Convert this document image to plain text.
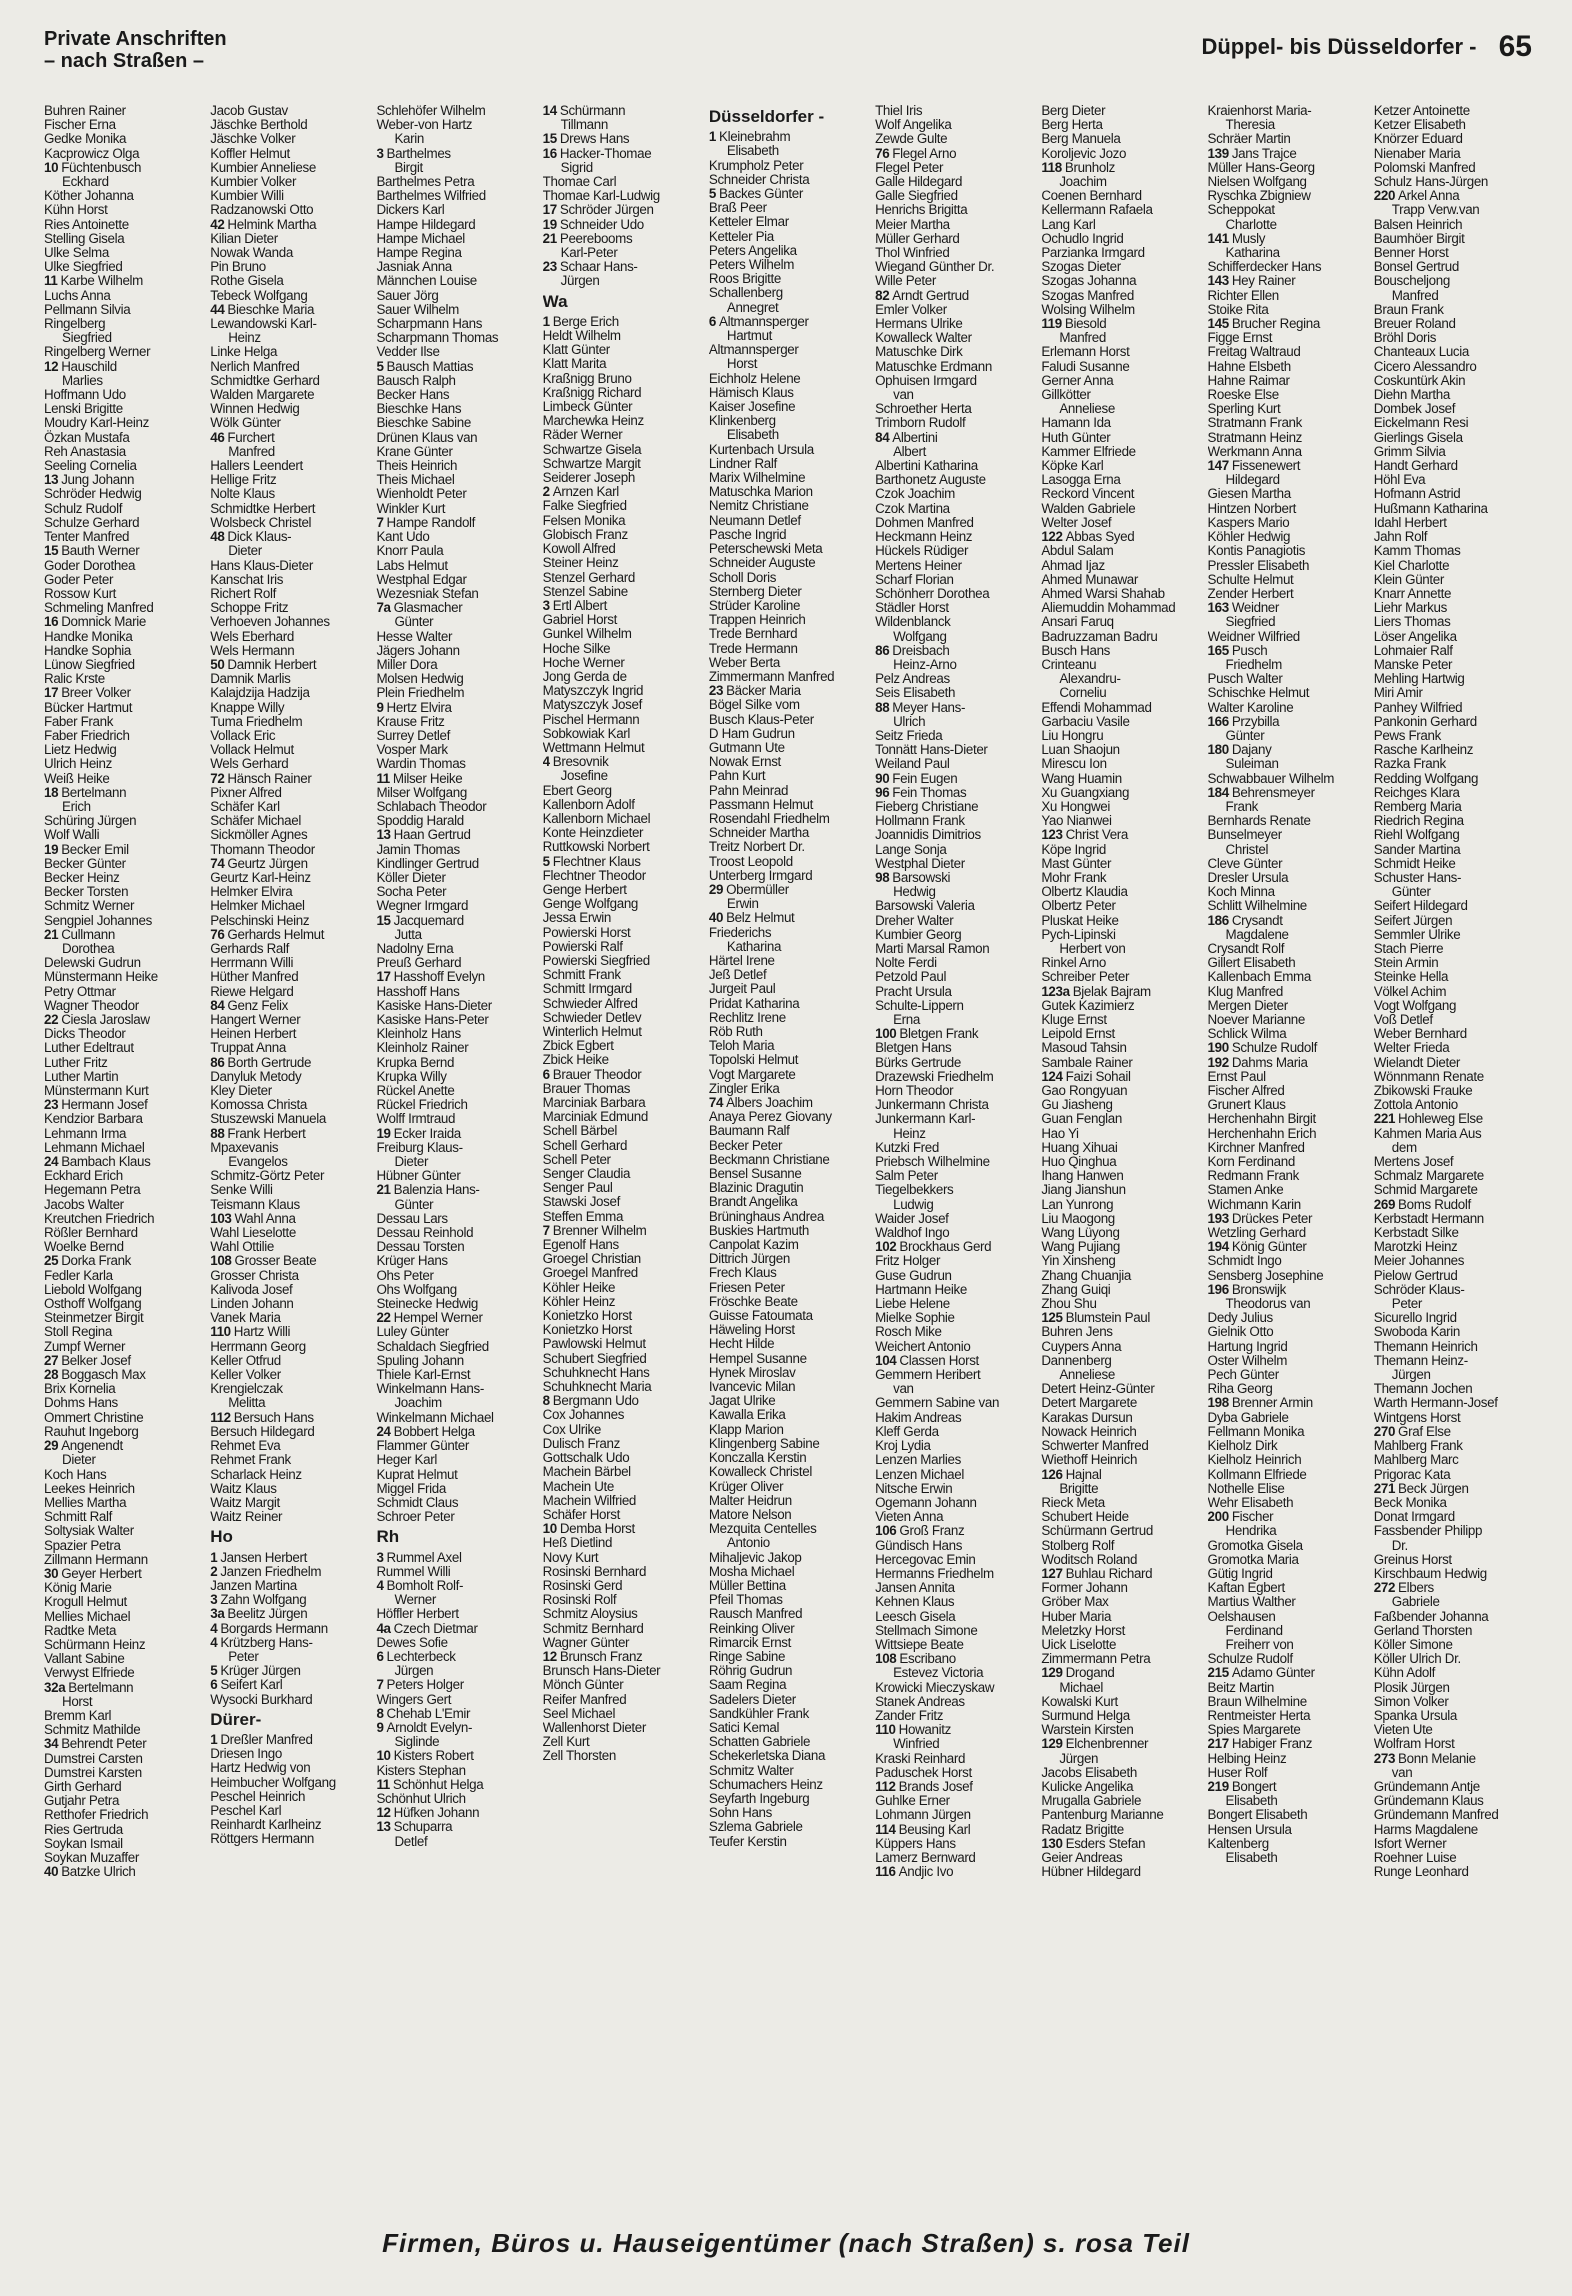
Private Anschriften
– nach Straßen –
Düppel- bis Düsseldorfer - 65
Buhren Rainer
Fischer Erna
Gedke Monika
Kacprowicz Olga
10 Füchtenbusch
Eckhard
Köther Johanna
Kühn Horst
Ries Antoinette
Stelling Gisela
Ulke Selma
Ulke Siegfried
11 Karbe Wilhelm
Luchs Anna
Pellmann Silvia
Ringelberg
Siegfried
Ringelberg Werner
12 Hauschild
Marlies
Hoffmann Udo
Lenski Brigitte
Moudry Karl-Heinz
Özkan Mustafa
Reh Anastasia
Seeling Cornelia
13 Jung Johann
Schröder Hedwig
Schulz Rudolf
Schulze Gerhard
Tenter Manfred
15 Bauth Werner
Goder Dorothea
Goder Peter
Rossow Kurt
Schmeling Manfred
16 Domnick Marie
Handke Monika
Handke Sophia
Lünow Siegfried
Ralic Krste
17 Breer Volker
Bücker Hartmut
Faber Frank
Faber Friedrich
Lietz Hedwig
Ulrich Heinz
Weiß Heike
18 Bertelmann
Erich
Schüring Jürgen
Wolf Walli
19 Becker Emil
Becker Günter
Becker Heinz
Becker Torsten
Schmitz Werner
Sengpiel Johannes
21 Cullmann
Dorothea
Delewski Gudrun
Münstermann Heike
Petry Ottmar
Wagner Theodor
22 Ciesla Jaroslaw
Dicks Theodor
Luther Edeltraut
Luther Fritz
Luther Martin
Münstermann Kurt
23 Hermann Josef
Kendzior Barbara
Lehmann Irma
Lehmann Michael
24 Bambach Klaus
Eckhard Erich
Hegemann Petra
Jacobs Walter
Kreutchen Friedrich
Rößler Bernhard
Woelke Bernd
25 Dorka Frank
Fedler Karla
Liebold Wolfgang
Osthoff Wolfgang
Steinmetzer Birgit
Stoll Regina
Zumpf Werner
27 Belker Josef
28 Boggasch Max
Brix Kornelia
Dohms Hans
Ommert Christine
Rauhut Ingeborg
29 Angenendt
Dieter
Koch Hans
Leekes Heinrich
Mellies Martha
Schmitt Ralf
Soltysiak Walter
Spazier Petra
Zillmann Hermann
30 Geyer Herbert
König Marie
Krogull Helmut
Mellies Michael
Radtke Meta
Schürmann Heinz
Vallant Sabine
Verwyst Elfriede
32a Bertelmann
Horst
Bremm Karl
Schmitz Mathilde
34 Behrendt Peter
Dumstrei Carsten
Dumstrei Karsten
Girth Gerhard
Gutjahr Petra
Retthofer Friedrich
Ries Gertruda
Soykan Ismail
Soykan Muzaffer
40 Batzke Ulrich
Jacob Gustav
Jäschke Berthold
Jäschke Volker
Koffler Helmut
Kumbier Anneliese
Kumbier Volker
Kumbier Willi
Radzanowski Otto
42 Helmink Martha
Kilian Dieter
Nowak Wanda
Pin Bruno
Rothe Gisela
Tebeck Wolfgang
44 Bieschke Maria
Lewandowski Karl-
Heinz
Linke Helga
Nerlich Manfred
Schmidtke Gerhard
Walden Margarete
Winnen Hedwig
Wölk Günter
46 Furchert
Manfred
Hallers Leendert
Hellige Fritz
Nolte Klaus
Schmidtke Herbert
Wolsbeck Christel
48 Dick Klaus-
Dieter
Hans Klaus-Dieter
Kanschat Iris
Richert Rolf
Schoppe Fritz
Verhoeven Johannes
Wels Eberhard
Wels Hermann
50 Damnik Herbert
Damnik Marlis
Kalajdzija Hadzija
Knappe Willy
Tuma Friedhelm
Vollack Eric
Vollack Helmut
Wels Gerhard
72 Hänsch Rainer
Pixner Alfred
Schäfer Karl
Schäfer Michael
Sickmöller Agnes
Thomann Theodor
74 Geurtz Jürgen
Geurtz Karl-Heinz
Helmker Elvira
Helmker Michael
Pelschinski Heinz
76 Gerhards Helmut
Gerhards Ralf
Herrmann Willi
Hüther Manfred
Riewe Helgard
84 Genz Felix
Hangert Werner
Heinen Herbert
Truppat Anna
86 Borth Gertrude
Danyluk Metody
Kley Dieter
Komossa Christa
Stuszewski Manuela
88 Frank Herbert
Mpaxevanis
Evangelos
Schmitz-Görtz Peter
Senke Willi
Teismann Klaus
103 Wahl Anna
Wahl Lieselotte
Wahl Ottilie
108 Grosser Beate
Grosser Christa
Kalivoda Josef
Linden Johann
Vanek Maria
110 Hartz Willi
Herrmann Georg
Keller Otfrud
Keller Volker
Krengielczak
Melitta
112 Bersuch Hans
Bersuch Hildegard
Rehmet Eva
Rehmet Frank
Scharlack Heinz
Waitz Klaus
Waitz Margit
Waitz Reiner
Ho
1 Jansen Herbert
2 Janzen Friedhelm
Janzen Martina
3 Zahn Wolfgang
3a Beelitz Jürgen
4 Borgards Hermann
4 Krützberg Hans-
Peter
5 Krüger Jürgen
6 Seifert Karl
Wysocki Burkhard
Dürer-
1 Dreßler Manfred
Driesen Ingo
Hartz Hedwig von
Heimbucher Wolfgang
Peschel Heinrich
Peschel Karl
Reinhardt Karlheinz
Röttgers Hermann
Schlehöfer Wilhelm
Weber-von Hartz
Karin
3 Barthelmes
Birgit
Barthelmes Petra
Barthelmes Wilfried
Dickers Karl
Hampe Hildegard
Hampe Michael
Hampe Regina
Jasniak Anna
Männchen Louise
Sauer Jörg
Sauer Wilhelm
Scharpmann Hans
Scharpmann Thomas
Vedder Ilse
5 Bausch Mattias
Bausch Ralph
Becker Hans
Bieschke Hans
Bieschke Sabine
Drünen Klaus van
Krane Günter
Theis Heinrich
Theis Michael
Wienholdt Peter
Winkler Kurt
7 Hampe Randolf
Kant Udo
Knorr Paula
Labs Helmut
Westphal Edgar
Wezesniak Stefan
7a Glasmacher
Günter
Hesse Walter
Jägers Johann
Miller Dora
Molsen Hedwig
Plein Friedhelm
9 Hertz Elvira
Krause Fritz
Surrey Detlef
Vosper Mark
Wardin Thomas
11 Milser Heike
Milser Wolfgang
Schlabach Theodor
Spoddig Harald
13 Haan Gertrud
Jamin Thomas
Kindlinger Gertrud
Köller Dieter
Socha Peter
Wegner Irmgard
15 Jacquemard
Jutta
Nadolny Erna
Preuß Gerhard
17 Hasshoff Evelyn
Hasshoff Hans
Kasiske Hans-Dieter
Kasiske Hans-Peter
Kleinholz Hans
Kleinholz Rainer
Krupka Bernd
Krupka Willy
Rückel Anette
Rückel Friedrich
Wolff Irmtraud
19 Ecker Iraida
Freiburg Klaus-
Dieter
Hübner Günter
21 Balenzia Hans-
Günter
Dessau Lars
Dessau Reinhold
Dessau Torsten
Krüger Hans
Ohs Peter
Ohs Wolfgang
Steinecke Hedwig
22 Hempel Werner
Luley Günter
Schaldach Siegfried
Spuling Johann
Thiele Karl-Ernst
Winkelmann Hans-
Joachim
Winkelmann Michael
24 Bobbert Helga
Flammer Günter
Heger Karl
Kuprat Helmut
Miggel Frida
Schmidt Claus
Schroer Peter
Rh
3 Rummel Axel
Rummel Willi
4 Bomholt Rolf-
Werner
Höffler Herbert
4a Czech Dietmar
Dewes Sofie
6 Lechterbeck
Jürgen
7 Peters Holger
Wingers Gert
8 Chehab L'Emir
9 Arnoldt Evelyn-
Siglinde
10 Kisters Robert
Kisters Stephan
11 Schönhut Helga
Schönhut Ulrich
12 Hüfken Johann
13 Schuparra
Detlef
14 Schürmann
Tillmann
15 Drews Hans
16 Hacker-Thomae
Sigrid
Thomae Carl
Thomae Karl-Ludwig
17 Schröder Jürgen
19 Schneider Udo
21 Peerebooms
Karl-Peter
23 Schaar Hans-
Jürgen
Wa
1 Berge Erich
Heldt Wilhelm
Klatt Günter
Klatt Marita
Kraßnigg Bruno
Kraßnigg Richard
Limbeck Günter
Marchewka Heinz
Räder Werner
Schwartze Gisela
Schwartze Margit
Seiderer Joseph
2 Arnzen Karl
Falke Siegfried
Felsen Monika
Globisch Franz
Kowoll Alfred
Steiner Heinz
Stenzel Gerhard
Stenzel Sabine
3 Ertl Albert
Gabriel Horst
Gunkel Wilhelm
Hoche Silke
Hoche Werner
Jong Gerda de
Matyszczyk Ingrid
Matyszczyk Josef
Pischel Hermann
Sobkowiak Karl
Wettmann Helmut
4 Bresovnik
Josefine
Ebert Georg
Kallenborn Adolf
Kallenborn Michael
Konte Heinzdieter
Ruttkowski Norbert
5 Flechtner Klaus
Flechtner Theodor
Genge Herbert
Genge Wolfgang
Jessa Erwin
Powierski Horst
Powierski Ralf
Powierski Siegfried
Schmitt Frank
Schmitt Irmgard
Schwieder Alfred
Schwieder Detlev
Winterlich Helmut
Zbick Egbert
Zbick Heike
6 Brauer Theodor
Brauer Thomas
Marciniak Barbara
Marciniak Edmund
Schell Bärbel
Schell Gerhard
Schell Peter
Senger Claudia
Senger Paul
Stawski Josef
Steffen Emma
7 Brenner Wilhelm
Egenolf Hans
Groegel Christian
Groegel Manfred
Köhler Heike
Köhler Heinz
Konietzko Horst
Konietzko Horst
Pawlowski Helmut
Schubert Siegfried
Schuhknecht Hans
Schuhknecht Maria
8 Bergmann Udo
Cox Johannes
Cox Ulrike
Dulisch Franz
Gottschalk Udo
Machein Bärbel
Machein Ute
Machein Wilfried
Schäfer Horst
10 Demba Horst
Heß Dietlind
Novy Kurt
Rosinski Bernhard
Rosinski Gerd
Rosinski Rolf
Schmitz Aloysius
Schmitz Bernhard
Wagner Günter
12 Brunsch Franz
Brunsch Hans-Dieter
Mönch Günter
Reifer Manfred
Seel Michael
Wallenhorst Dieter
Zell Kurt
Zell Thorsten
Düsseldorfer -
1 Kleinebrahm
Elisabeth
Krumpholz Peter
Schneider Christa
5 Backes Günter
Braß Peer
Ketteler Elmar
Ketteler Pia
Peters Angelika
Peters Wilhelm
Roos Brigitte
Schallenberg
Annegret
6 Altmannsperger
Hartmut
Altmannsperger
Horst
Eichholz Helene
Hämisch Klaus
Kaiser Josefine
Klinkenberg
Elisabeth
Kurtenbach Ursula
Lindner Ralf
Marix Wilhelmine
Matuschka Marion
Nemitz Christiane
Neumann Detlef
Pasche Ingrid
Peterschewski Meta
Schneider Auguste
Scholl Doris
Sternberg Dieter
Strüder Karoline
Trappen Heinrich
Trede Bernhard
Trede Hermann
Weber Berta
Zimmermann Manfred
23 Bäcker Maria
Bögel Silke vom
Busch Klaus-Peter
D Ham Gudrun
Gutmann Ute
Nowak Ernst
Pahn Kurt
Pahn Meinrad
Passmann Helmut
Rosendahl Friedhelm
Schneider Martha
Treitz Norbert Dr.
Troost Leopold
Unterberg Irmgard
29 Obermüller
Erwin
40 Belz Helmut
Friederichs
Katharina
Härtel Irene
Jeß Detlef
Jurgeit Paul
Pridat Katharina
Rechlitz Irene
Röb Ruth
Teloh Maria
Topolski Helmut
Vogt Margarete
Zingler Erika
74 Albers Joachim
Anaya Perez Giovany
Baumann Ralf
Becker Peter
Beckmann Christiane
Bensel Susanne
Blazinic Dragutin
Brandt Angelika
Brüninghaus Andrea
Buskies Hartmuth
Canpolat Kazim
Dittrich Jürgen
Frech Klaus
Friesen Peter
Fröschke Beate
Guisse Fatoumata
Häweling Horst
Hecht Hilde
Hempel Susanne
Hynek Miroslav
Ivancevic Milan
Jagat Ulrike
Kawalla Erika
Klapp Marion
Klingenberg Sabine
Konczalla Kerstin
Kowalleck Christel
Krüger Oliver
Malter Heidrun
Matore Nelson
Mezquita Centelles
Antonio
Mihaljevic Jakop
Mosha Michael
Müller Bettina
Pfeil Thomas
Rausch Manfred
Reinking Oliver
Rimarcik Ernst
Ringe Sabine
Röhrig Gudrun
Saam Regina
Sadelers Dieter
Sandkühler Frank
Satici Kemal
Schatten Gabriele
Schekerletska Diana
Schmitz Walter
Schumachers Heinz
Seyfarth Ingeburg
Sohn Hans
Szlema Gabriele
Teufer Kerstin
Thiel Iris
Wolf Angelika
Zewde Gulte
76 Flegel Arno
Flegel Peter
Galle Hildegard
Galle Siegfried
Henrichs Brigitta
Meier Martha
Müller Gerhard
Thol Winfried
Wiegand Günther Dr.
Wille Peter
82 Arndt Gertrud
Emler Volker
Hermans Ulrike
Kowalleck Walter
Matuschke Dirk
Matuschke Erdmann
Ophuisen Irmgard
van
Schroether Herta
Trimborn Rudolf
84 Albertini
Albert
Albertini Katharina
Barthonetz Auguste
Czok Joachim
Czok Martina
Dohmen Manfred
Heckmann Heinz
Hückels Rüdiger
Mertens Heiner
Scharf Florian
Schönherr Dorothea
Städler Horst
Wildenblanck
Wolfgang
86 Dreisbach
Heinz-Arno
Pelz Andreas
Seis Elisabeth
88 Meyer Hans-
Ulrich
Seitz Frieda
Tonnätt Hans-Dieter
Weiland Paul
90 Fein Eugen
96 Fein Thomas
Fieberg Christiane
Hollmann Frank
Joannidis Dimitrios
Lange Sonja
Westphal Dieter
98 Barsowski
Hedwig
Barsowski Valeria
Dreher Walter
Kumbier Georg
Marti Marsal Ramon
Nolte Ferdi
Petzold Paul
Pracht Ursula
Schulte-Lippern
Erna
100 Bletgen Frank
Bletgen Hans
Bürks Gertrude
Drazewski Friedhelm
Horn Theodor
Junkermann Christa
Junkermann Karl-
Heinz
Kutzki Fred
Priebsch Wilhelmine
Salm Peter
Tiegelbekkers
Ludwig
Waider Josef
Waldhof Ingo
102 Brockhaus Gerd
Fritz Holger
Guse Gudrun
Hartmann Heike
Liebe Helene
Mielke Sophie
Rosch Mike
Weichert Antonio
104 Classen Horst
Gemmern Heribert
van
Gemmern Sabine van
Hakim Andreas
Kleff Gerda
Kroj Lydia
Lenzen Marlies
Lenzen Michael
Nitsche Erwin
Ogemann Johann
Vieten Anna
106 Groß Franz
Gündisch Hans
Hercegovac Emin
Hermanns Friedhelm
Jansen Annita
Kehnen Klaus
Leesch Gisela
Stellmach Simone
Wittsiepe Beate
108 Escribano
Estevez Victoria
Krowicki Mieczyskaw
Stanek Andreas
Zander Fritz
110 Howanitz
Winfried
Kraski Reinhard
Paduschek Horst
112 Brands Josef
Guhlke Erner
Lohmann Jürgen
114 Beusing Karl
Küppers Hans
Lamerz Bernward
116 Andjic Ivo
Berg Dieter
Berg Herta
Berg Manuela
Koroljevic Jozo
118 Brunholz
Joachim
Coenen Bernhard
Kellermann Rafaela
Lang Karl
Ochudlo Ingrid
Parzianka Irmgard
Szogas Dieter
Szogas Johanna
Szogas Manfred
Wolsing Wilhelm
119 Biesold
Manfred
Erlemann Horst
Faludi Susanne
Gerner Anna
Gillkötter
Anneliese
Hamann Ida
Huth Günter
Kammer Elfriede
Köpke Karl
Lasogga Erna
Reckord Vincent
Walden Gabriele
Welter Josef
122 Abbas Syed
Abdul Salam
Ahmad Ijaz
Ahmed Munawar
Ahmed Warsi Shahab
Aliemuddin Mohammad
Ansari Faruq
Badruzzaman Badru
Busch Hans
Crinteanu
Alexandru-
Corneliu
Effendi Mohammad
Garbaciu Vasile
Liu Hongru
Luan Shaojun
Mirescu Ion
Wang Huamin
Xu Guangxiang
Xu Hongwei
Yao Nianwei
123 Christ Vera
Köpe Ingrid
Mast Günter
Mohr Frank
Olbertz Klaudia
Olbertz Peter
Pluskat Heike
Pych-Lipinski
Herbert von
Rinkel Arno
Schreiber Peter
123a Bjelak Bajram
Gutek Kazimierz
Kluge Ernst
Leipold Ernst
Masoud Tahsin
Sambale Rainer
124 Faizi Sohail
Gao Rongyuan
Gu Jiasheng
Guan Fenglan
Hao Yi
Huang Xihuai
Huo Qinghua
Ihang Hanwen
Jiang Jianshun
Lan Yunrong
Liu Maogong
Wang Lüyong
Wang Pujiang
Yin Xinsheng
Zhang Chuanjia
Zhang Guiqi
Zhou Shu
125 Blumstein Paul
Buhren Jens
Cuypers Anna
Dannenberg
Anneliese
Detert Heinz-Günter
Detert Margarete
Karakas Dursun
Nowack Heinrich
Schwerter Manfred
Wiethoff Heinrich
126 Hajnal
Brigitte
Rieck Meta
Schubert Heide
Schürmann Gertrud
Stolberg Rolf
Woditsch Roland
127 Buhlau Richard
Former Johann
Gröber Max
Huber Maria
Meletzky Horst
Uick Liselotte
Zimmermann Petra
129 Drogand
Michael
Kowalski Kurt
Surmund Helga
Warstein Kirsten
129 Elchenbrenner
Jürgen
Jacobs Elisabeth
Kulicke Angelika
Mrugalla Gabriele
Pantenburg Marianne
Radatz Brigitte
130 Esders Stefan
Geier Andreas
Hübner Hildegard
Kraienhorst Maria-
Theresia
Schräer Martin
139 Jans Trajce
Müller Hans-Georg
Nielsen Wolfgang
Ryschka Zbigniew
Scheppokat
Charlotte
141 Musly
Katharina
Schifferdecker Hans
143 Hey Rainer
Richter Ellen
Stoike Rita
145 Brucher Regina
Figge Ernst
Freitag Waltraud
Hahne Elsbeth
Hahne Raimar
Roeske Else
Sperling Kurt
Stratmann Frank
Stratmann Heinz
Werkmann Anna
147 Fissenewert
Hildegard
Giesen Martha
Hintzen Norbert
Kaspers Mario
Köhler Hedwig
Kontis Panagiotis
Pressler Elisabeth
Schulte Helmut
Zender Herbert
163 Weidner
Siegfried
Weidner Wilfried
165 Pusch
Friedhelm
Pusch Walter
Schischke Helmut
Walter Karoline
166 Przybilla
Günter
180 Dajany
Suleiman
Schwabbauer Wilhelm
184 Behrensmeyer
Frank
Bernhards Renate
Bunselmeyer
Christel
Cleve Günter
Dresler Ursula
Koch Minna
Schlitt Wilhelmine
186 Crysandt
Magdalene
Crysandt Rolf
Gillert Elisabeth
Kallenbach Emma
Klug Manfred
Mergen Dieter
Noever Marianne
Schlick Wilma
190 Schulze Rudolf
192 Dahms Maria
Ernst Paul
Fischer Alfred
Grunert Klaus
Herchenhahn Birgit
Herchenhahn Erich
Kirchner Manfred
Korn Ferdinand
Redmann Frank
Stamen Anke
Wichmann Karin
193 Drückes Peter
Wetzling Gerhard
194 König Günter
Schmidt Ingo
Sensberg Josephine
196 Bronswijk
Theodorus van
Dedy Julius
Gielnik Otto
Hartung Ingrid
Oster Wilhelm
Pech Günter
Riha Georg
198 Brenner Armin
Dyba Gabriele
Fellmann Monika
Kielholz Dirk
Kielholz Heinrich
Kollmann Elfriede
Nothelle Elise
Wehr Elisabeth
200 Fischer
Hendrika
Gromotka Gisela
Gromotka Maria
Gütig Ingrid
Kaftan Egbert
Martius Walther
Oelshausen
Ferdinand
Freiherr von
Schulze Rudolf
215 Adamo Günter
Beitz Martin
Braun Wilhelmine
Rentmeister Herta
Spies Margarete
217 Habiger Franz
Helbing Heinz
Huser Rolf
219 Bongert
Elisabeth
Bongert Elisabeth
Hensen Ursula
Kaltenberg
Elisabeth
Ketzer Antoinette
Ketzer Elisabeth
Knörzer Eduard
Nienaber Maria
Polomski Manfred
Schulz Hans-Jürgen
220 Arkel Anna
Trapp Verw.van
Balsen Heinrich
Baumhöer Birgit
Benner Horst
Bonsel Gertrud
Bouscheljong
Manfred
Braun Frank
Breuer Roland
Bröhl Doris
Chanteaux Lucia
Cicero Alessandro
Coskuntürk Akin
Diehn Martha
Dombek Josef
Eickelmann Resi
Gierlings Gisela
Grimm Silvia
Handt Gerhard
Höhl Eva
Hofmann Astrid
Hußmann Katharina
Idahl Herbert
Jahn Rolf
Kamm Thomas
Kiel Charlotte
Klein Günter
Knarr Annette
Liehr Markus
Liers Thomas
Löser Angelika
Lohmaier Ralf
Manske Peter
Mehling Hartwig
Miri Amir
Panhey Wilfried
Pankonin Gerhard
Pews Frank
Rasche Karlheinz
Razka Frank
Redding Wolfgang
Reichges Klara
Remberg Maria
Riedrich Regina
Riehl Wolfgang
Sander Martina
Schmidt Heike
Schuster Hans-
Günter
Seifert Hildegard
Seifert Jürgen
Semmler Ulrike
Stach Pierre
Stein Armin
Steinke Hella
Völkel Achim
Vogt Wolfgang
Voß Detlef
Weber Bernhard
Welter Frieda
Wielandt Dieter
Wönnmann Renate
Zbikowski Frauke
Zottola Antonio
221 Hohleweg Else
Kahmen Maria Aus
dem
Mertens Josef
Schmalz Margarete
Schmid Margarete
269 Boms Rudolf
Kerbstadt Hermann
Kerbstadt Silke
Marotzki Heinz
Meier Johannes
Pielow Gertrud
Schröder Klaus-
Peter
Sicurello Ingrid
Swoboda Karin
Themann Heinrich
Themann Heinz-
Jürgen
Themann Jochen
Warth Hermann-Josef
Wintgens Horst
270 Graf Else
Mahlberg Frank
Mahlberg Marc
Prigorac Kata
271 Beck Jürgen
Beck Monika
Donat Irmgard
Fassbender Philipp
Dr.
Greinus Horst
Kirschbaum Hedwig
272 Elbers
Gabriele
Faßbender Johanna
Gerland Thorsten
Köller Simone
Köller Ulrich Dr.
Kühn Adolf
Plosik Jürgen
Simon Volker
Spanka Ursula
Vieten Ute
Wolfram Horst
273 Bonn Melanie
van
Gründemann Antje
Gründemann Klaus
Gründemann Manfred
Harms Magdalene
Isfort Werner
Roehner Luise
Runge Leonhard
Firmen, Büros u. Hauseigentümer (nach Straßen) s. rosa Teil
